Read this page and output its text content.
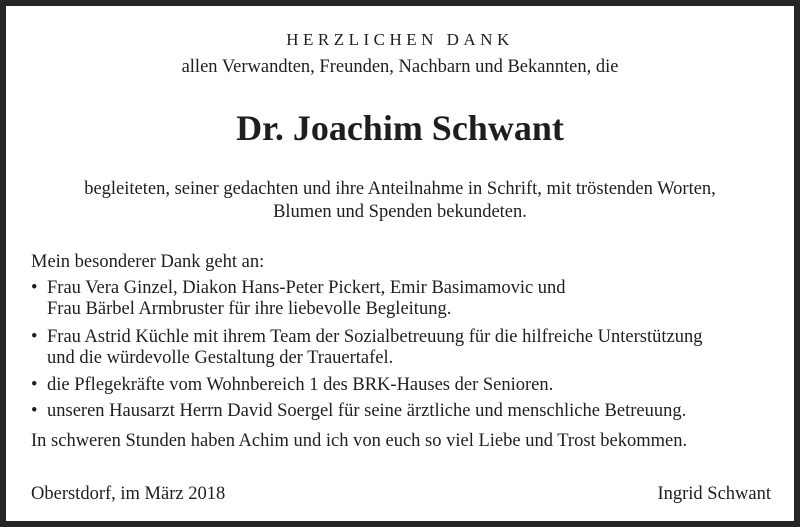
HERZLICHEN DANK
allen Verwandten, Freunden, Nachbarn und Bekannten, die
Dr. Joachim Schwant
begleiteten, seiner gedachten und ihre Anteilnahme in Schrift, mit tröstenden Worten,
Blumen und Spenden bekundeten.
Mein besonderer Dank geht an:
• Frau Vera Ginzel, Diakon Hans-Peter Pickert, Emir Basimamovic und
Frau Bärbel Armbruster für ihre liebevolle Begleitung.
• Frau Astrid Küchle mit ihrem Team der Sozialbetreuung für die hilfreiche Unterstützung
und die würdevolle Gestaltung der Trauertafel.
• die Pflegekräfte vom Wohnbereich 1 des BRK-Hauses der Senioren.
• unseren Hausarzt Herrn David Soergel für seine ärztliche und menschliche Betreuung.
In schweren Stunden haben Achim und ich von euch so viel Liebe und Trost bekommen.
Oberstdorf, im März 2018	Ingrid Schwant
